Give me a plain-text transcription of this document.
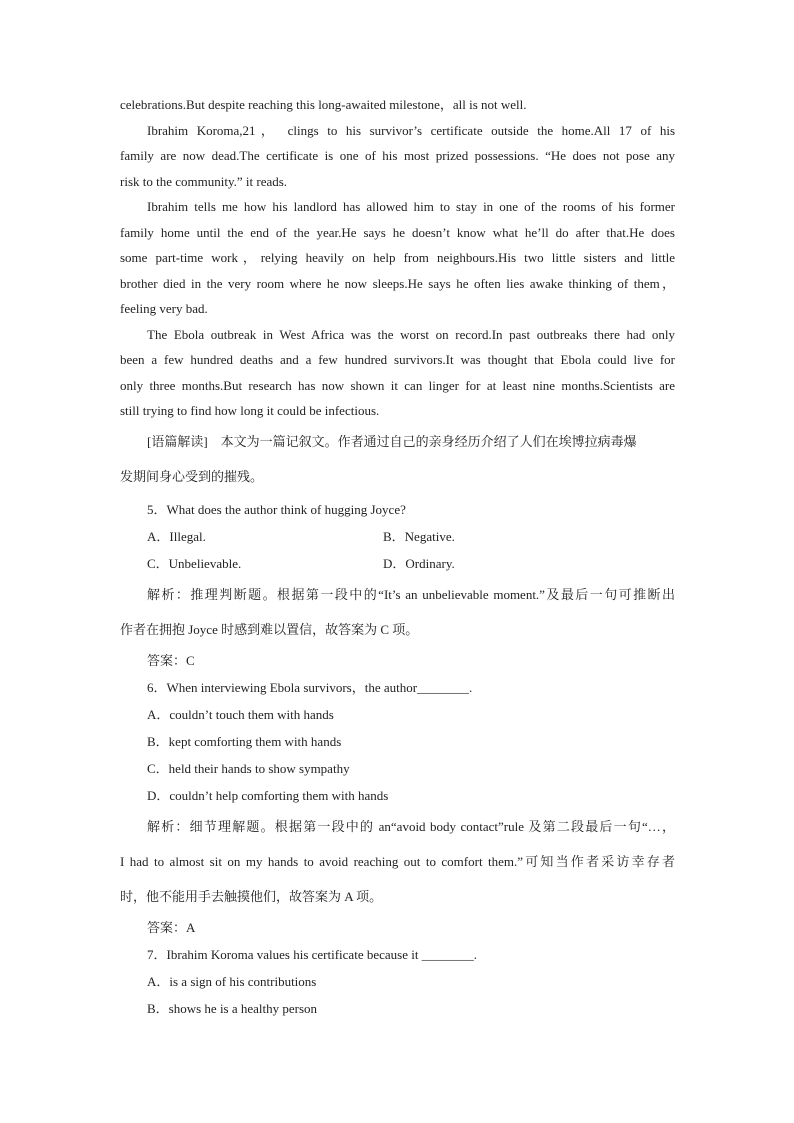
celebrations.But despite reaching this long-awaited milestone，all is not well.

Ibrahim Koroma,21， clings to his survivor’s certificate outside the home.All 17 of his

family are now dead.The certificate is one of his most prized possessions. “He does not pose any

risk to the community.” it reads.

Ibrahim tells me how his landlord has allowed him to stay in one of the rooms of his former

family home until the end of the year.He says he doesn’t know what he’ll do after that.He does

some part-time work，relying heavily on help from neighbours.His two little sisters and little

brother died in the very room where he now sleeps.He says he often lies awake thinking of them，

feeling very bad.

The Ebola outbreak in West Africa was the worst on record.In past outbreaks there had only

been a few hundred deaths and a few hundred survivors.It was thought that Ebola could live for

only three months.But research has now shown it can linger for at least nine months.Scientists are

still trying to find how long it could be infectious.

[语篇解读]　本文为一篇记叙文。作者通过自己的亲身经历介绍了人们在埃博拉病毒爆

发期间身心受到的摧残。

5．What does the author think of hugging Joyce?

A．Illegal.	B．Negative.
C．Unbelievable.	D．Ordinary.

解析：推理判断题。根据第一段中的“It’s an unbelievable moment.”及最后一句可推断出

作者在拥抱 Joyce 时感到难以置信，故答案为 C 项。

答案：C

6．When interviewing Ebola survivors，the author________.

A．couldn’t touch them with hands

B．kept comforting them with hands

C．held their hands to show sympathy

D．couldn’t help comforting them with hands

解析：细节理解题。根据第一段中的 an“avoid body contact”rule 及第二段最后一句“…，

I had to almost sit on my hands to avoid reaching out to comfort them.”可知当作者采访幸存者

时，他不能用手去触摸他们，故答案为 A 项。

答案：A

7．Ibrahim Koroma values his certificate because it ________.

A．is a sign of his contributions

B．shows he is a healthy person
